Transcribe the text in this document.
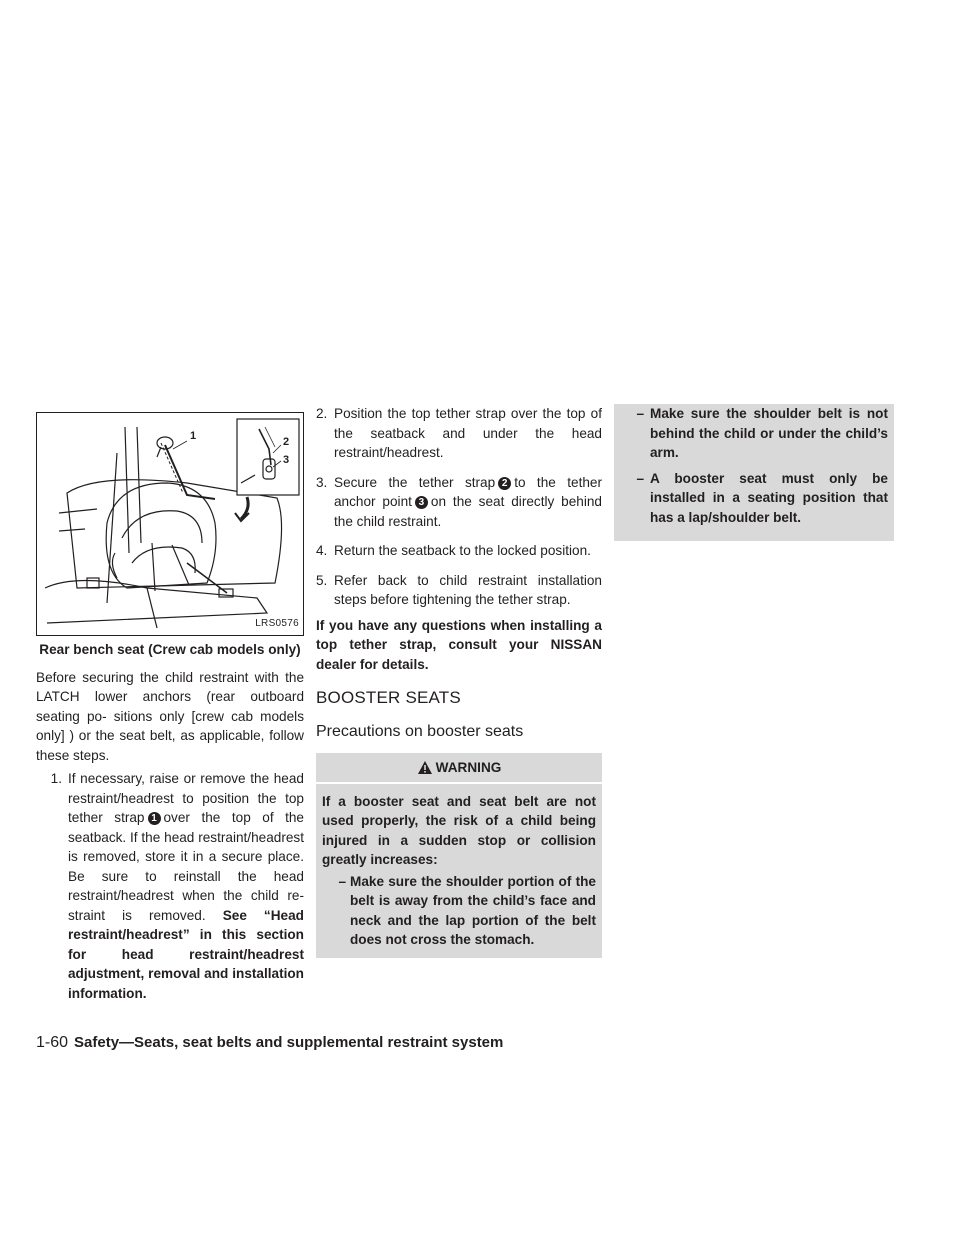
1	2
3
LRS0576
Rear bench seat (Crew cab models only)

Before securing the child restraint with the LATCH lower anchors (rear outboard seating po- sitions only [crew cab models only] ) or the seat belt, as applicable, follow these steps.

1. If necessary, raise or remove the head restraint/headrest to position the top tether strap 1 over the top of the seatback. If the head restraint/headrest is removed, store it in a secure place. Be sure to reinstall the head restraint/headrest when the child re- straint is removed. See “Head restraint/headrest” in this section for head restraint/headrest adjustment, removal and installation information.
2. Position the top tether strap over the top of the seatback and under the head restraint/headrest.
3. Secure the tether strap 2 to the tether anchor point 3 on the seat directly behind the child restraint.
4. Return the seatback to the locked position.
5. Refer back to child restraint installation steps before tightening the tether strap.

If you have any questions when installing a top tether strap, consult your NISSAN dealer for details.

BOOSTER SEATS
Precautions on booster seats
WARNING
If a booster seat and seat belt are not used properly, the risk of a child being injured in a sudden stop or collision greatly increases:
– Make sure the shoulder portion of the belt is away from the child’s face and neck and the lap portion of the belt does not cross the stomach.
– Make sure the shoulder belt is not behind the child or under the child’s arm.
– A booster seat must only be installed in a seating position that has a lap/shoulder belt.
1-60 Safety—Seats, seat belts and supplemental restraint system
